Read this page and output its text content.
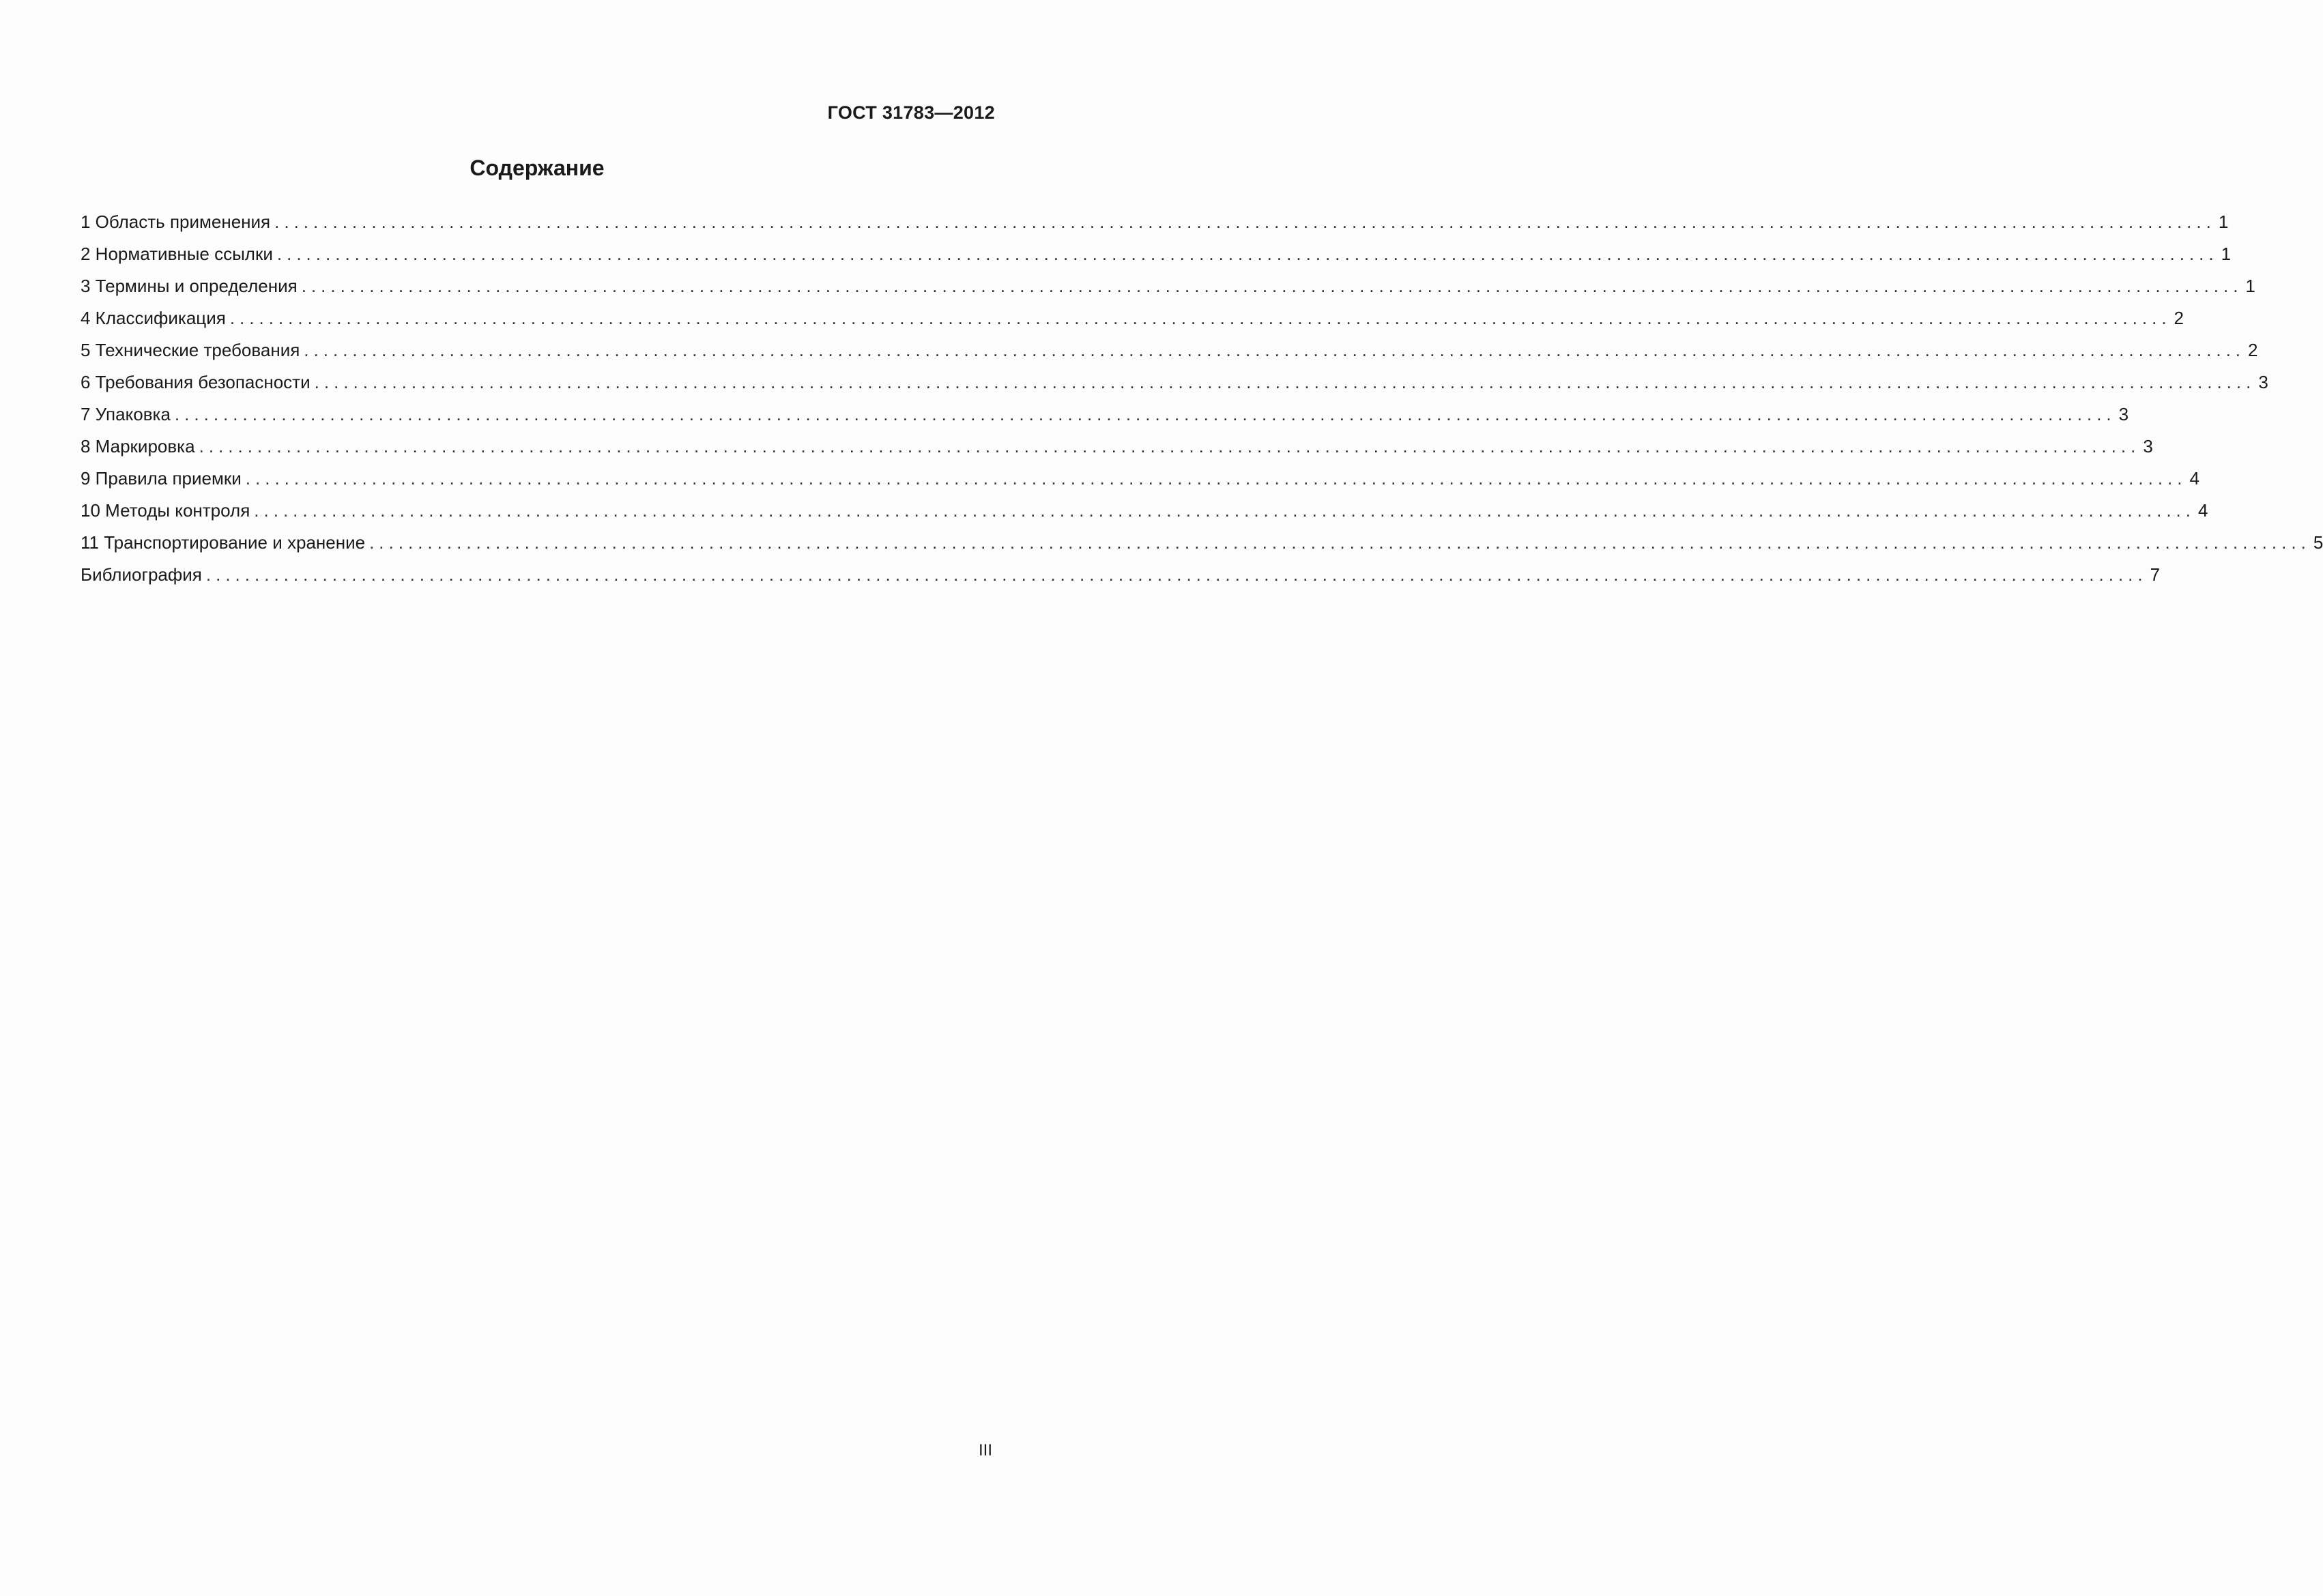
ГОСТ 31783—2012
Содержание
1 Область применения ........................................................................................................................................................................................................ 1
2 Нормативные ссылки ........................................................................................................................................................................................................ 1
3 Термины и определения ........................................................................................................................................................................................................ 1
4 Классификация ........................................................................................................................................................................................................ 2
5 Технические требования ........................................................................................................................................................................................................ 2
6 Требования безопасности ........................................................................................................................................................................................................ 3
7 Упаковка ........................................................................................................................................................................................................ 3
8 Маркировка ........................................................................................................................................................................................................ 3
9 Правила приемки ........................................................................................................................................................................................................ 4
10 Методы контроля ........................................................................................................................................................................................................ 4
11 Транспортирование и хранение ........................................................................................................................................................................................................ 5
Библиография ........................................................................................................................................................................................................ 7
III
